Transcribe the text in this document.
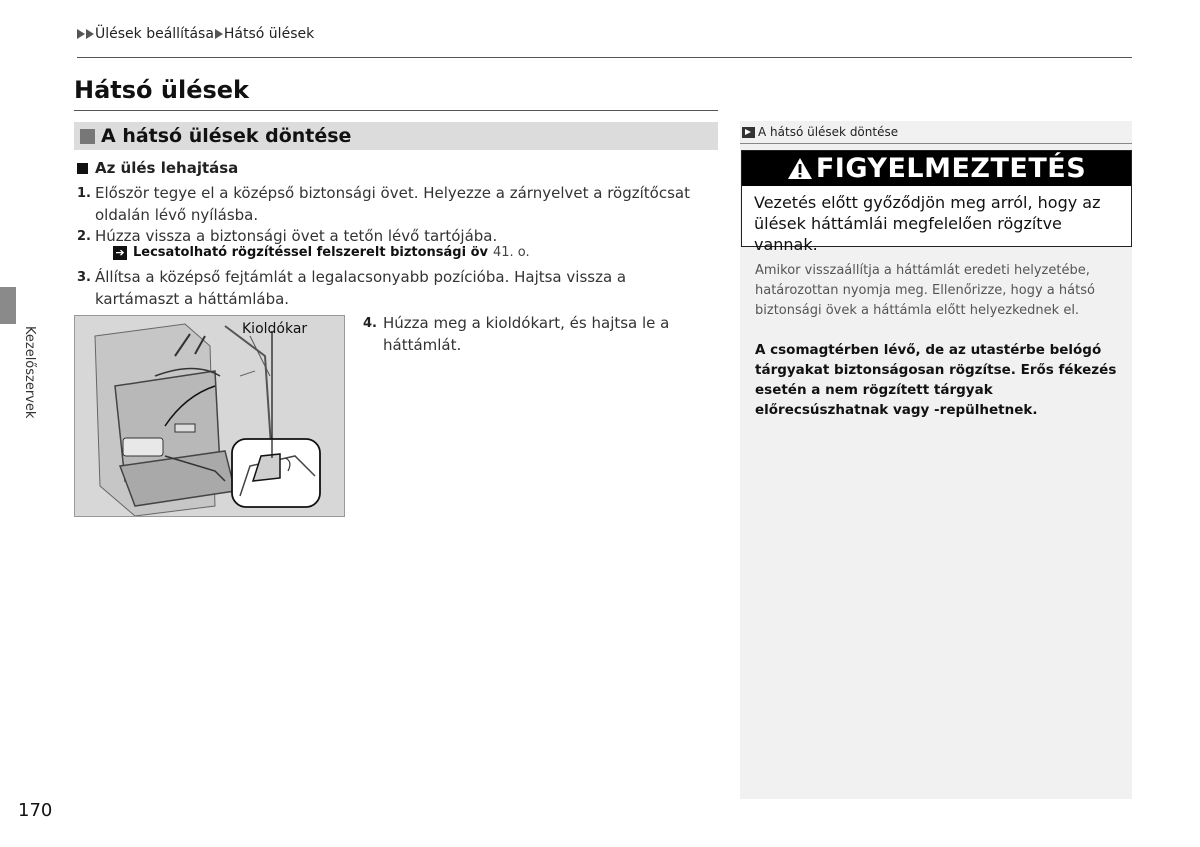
Ülések beállítása Hátsó ülések
Hátsó ülések
A hátsó ülések döntése
Az ülés lehajtása
1. Először tegye el a középső biztonsági övet. Helyezze a zárnyelvet a rögzítőcsat oldalán lévő nyílásba.
2. Húzza vissza a biztonsági övet a tetőn lévő tartójába.
➔ Lecsatolható rögzítéssel felszerelt biztonsági öv 41. o.
3. Állítsa a középső fejtámlát a legalacsonyabb pozícióba. Hajtsa vissza a kartámaszt a háttámlába.
4. Húzza meg a kioldókart, és hajtsa le a háttámlát.
Kioldókar
Kezelőszervek
170
A hátsó ülések döntése
FIGYELMEZTETÉS
Vezetés előtt győződjön meg arról, hogy az ülések háttámlái megfelelően rögzítve vannak.
Amikor visszaállítja a háttámlát eredeti helyzetébe, határozottan nyomja meg. Ellenőrizze, hogy a hátsó biztonsági övek a háttámla előtt helyezkednek el.
A csomagtérben lévő, de az utastérbe belógó tárgyakat biztonságosan rögzítse. Erős fékezés esetén a nem rögzített tárgyak előrecsúszhatnak vagy -repülhetnek.
